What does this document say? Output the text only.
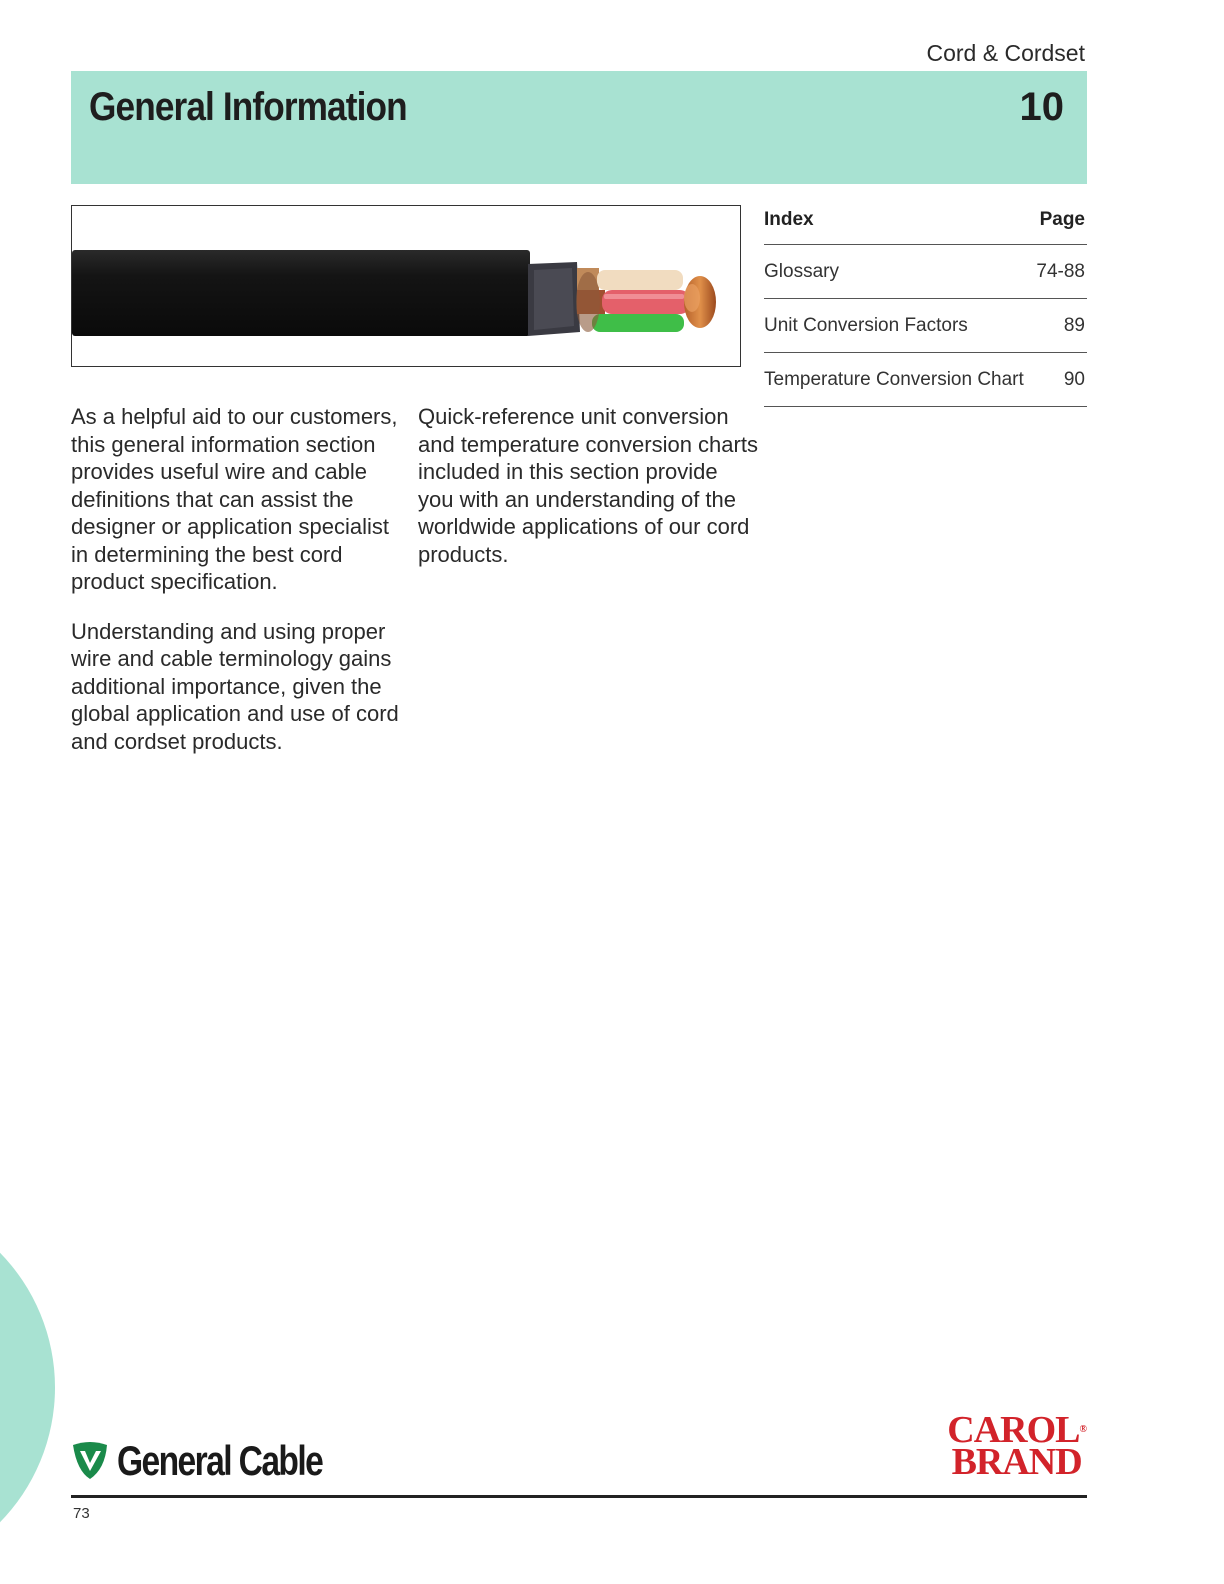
Cord & Cordset
General Information	10
Index	Page
Glossary	74-88
Unit Conversion Factors	89
Temperature Conversion Chart 90

As a helpful aid to our customers, this general information section provides useful wire and cable definitions that can assist the designer or application specialist in determining the best cord product specification.

Understanding and using proper wire and cable terminology gains additional importance, given the global application and use of cord and cordset products.

Quick-reference unit conversion and temperature conversion charts included in this section provide you with an understanding of the worldwide applications of our cord products.

General Cable
CAROL®
BRAND
73
